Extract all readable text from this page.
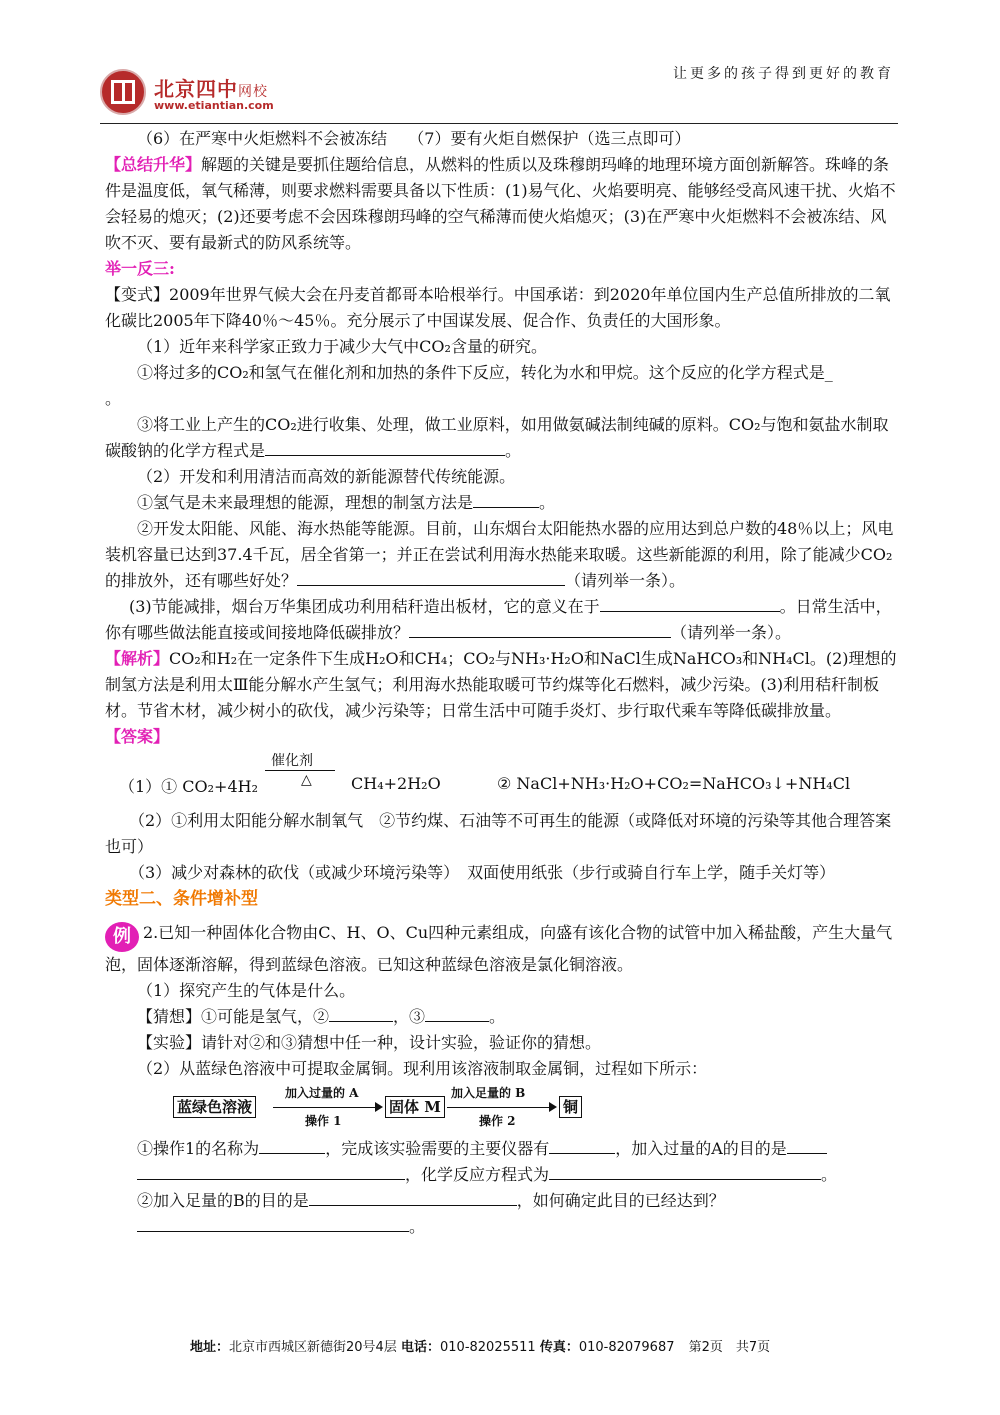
北京四中网校
www.etiantian.com
让更多的孩子得到更好的教育

（6）在严寒中火炬燃料不会被冻结　 （7）要有火炬自燃保护（选三点即可）

【总结升华】解题的关键是要抓住题给信息，从燃料的性质以及珠穆朗玛峰的地理环境方面创新解答。珠峰的条件是温度低，氧气稀薄，则要求燃料需要具备以下性质：(1)易气化、火焰要明亮、能够经受高风速干扰、火焰不会轻易的熄灭；(2)还要考虑不会因珠穆朗玛峰的空气稀薄而使火焰熄灭；(3)在严寒中火炬燃料不会被冻结、风吹不灭、要有最新式的防风系统等。

举一反三:

【变式】2009年世界气候大会在丹麦首都哥本哈根举行。中国承诺：到2020年单位国内生产总值所排放的二氧化碳比2005年下降40％～45％。充分展示了中国谋发展、促合作、负责任的大国形象。

（1）近年来科学家正致力于减少大气中CO₂含量的研究。

①将过多的CO₂和氢气在催化剂和加热的条件下反应，转化为水和甲烷。这个反应的化学方程式是_

。

③将工业上产生的CO₂进行收集、处理，做工业原料，如用做氨碱法制纯碱的原料。CO₂与饱和氨盐水制取碳酸钠的化学方程式是	。

（2）开发和利用清洁而高效的新能源替代传统能源。

①氢气是未来最理想的能源，理想的制氢方法是	。

②开发太阳能、风能、海水热能等能源。目前，山东烟台太阳能热水器的应用达到总户数的48％以上；风电装机容量已达到37.4千瓦，居全省第一；并正在尝试利用海水热能来取暖。这些新能源的利用，除了能减少CO₂的排放外，还有哪些好处？	（请列举一条）。

(3)节能减排，烟台万华集团成功利用秸秆造出板材，它的意义在于	。日常生活中，你有哪些做法能直接或间接地降低碳排放？	（请列举一条）。

【解析】CO₂和H₂在一定条件下生成H₂O和CH₄；CO₂与NH₃·H₂O和NaCl生成NaHCO₃和NH₄Cl。(2)理想的制氢方法是利用太Ⅲ能分解水产生氢气；利用海水热能取暖可节约煤等化石燃料，减少污染。(3)利用秸秆制板材。节省木材，减少树小的砍伐，减少污染等；日常生活中可随手炎灯、步行取代乘车等降低碳排放量。

【答案】

催化剂
△
（1）① CO₂+4H₂	CH₄+2H₂O	② NaCl+NH₃·H₂O+CO₂=NaHCO₃↓+NH₄Cl

（2）①利用太阳能分解水制氧气　②节约煤、石油等不可再生的能源（或降低对环境的污染等其他合理答案也可）

（3）减少对森林的砍伐（或减少环境污染等）　双面使用纸张（步行或骑自行车上学，随手关灯等）

类型二、条件增补型

例 2.已知一种固体化合物由C、H、O、Cu四种元素组成，向盛有该化合物的试管中加入稀盐酸，产生大量气泡，固体逐渐溶解，得到蓝绿色溶液。已知这种蓝绿色溶液是氯化铜溶液。

（1）探究产生的气体是什么。

【猜想】①可能是氢气，②	，③	。

【实验】请针对②和③猜想中任一种，设计实验，验证你的猜想。

（2）从蓝绿色溶液中可提取金属铜。现利用该溶液制取金属铜，过程如下所示：

蓝绿色溶液
加入过量的 A
操作 1
固体 M
加入足量的 B
操作 2
铜

①操作1的名称为	，完成该实验需要的主要仪器有	，加入过量的A的目的是

，化学反应方程式为	。

②加入足量的B的目的是	，如何确定此目的已经达到？

。

地址：北京市西城区新德街20号4层 电话：010-82025511 传真：010-82079687 第2页　共7页
